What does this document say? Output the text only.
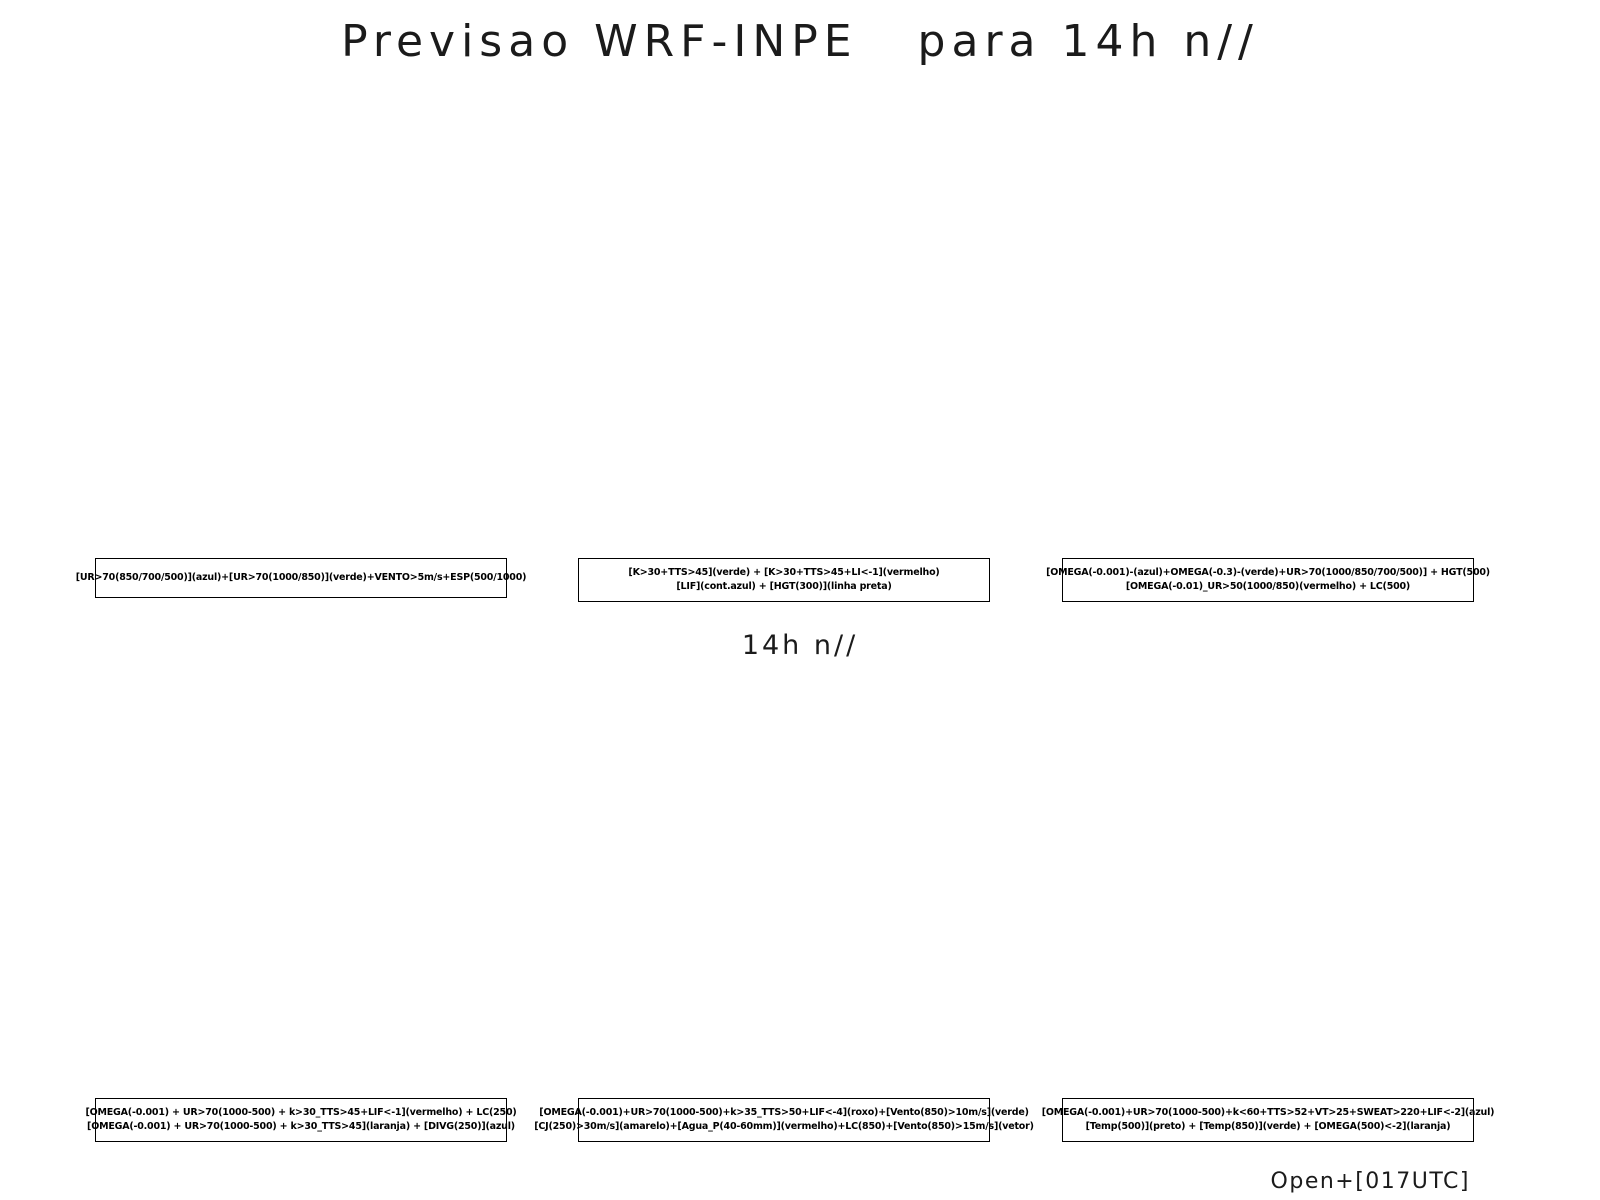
Previsao WRF-INPE   para 14h n//
[UR>70(850/700/500)](azul)+[UR>70(1000/850)](verde)+VENTO>5m/s+ESP(500/1000)	[K>30+TTS>45](verde) + [K>30+TTS>45+LI<-1](vermelho)
[LIF](cont.azul) + [HGT(300)](linha preta)
[OMEGA(-0.001)-(azul)+OMEGA(-0.3)-(verde)+UR>70(1000/850/700/500)] + HGT(500)
[OMEGA(-0.01)_UR>50(1000/850)(vermelho) + LC(500)
14h n//
[OMEGA(-0.001) + UR>70(1000-500) + k>30_TTS>45+LIF<-1](vermelho) + LC(250)
[OMEGA(-0.001) + UR>70(1000-500) + k>30_TTS>45](laranja) + [DIVG(250)](azul)
[OMEGA(-0.001)+UR>70(1000-500)+k>35_TTS>50+LIF<-4](roxo)+[Vento(850)>10m/s](verde)
[CJ(250)>30m/s](amarelo)+[Agua_P(40-60mm)](vermelho)+LC(850)+[Vento(850)>15m/s](vetor)
[OMEGA(-0.001)+UR>70(1000-500)+k<60+TTS>52+VT>25+SWEAT>220+LIF<-2](azul)
[Temp(500)](preto) + [Temp(850)](verde) + [OMEGA(500)<-2](laranja)
Open+[017UTC]
